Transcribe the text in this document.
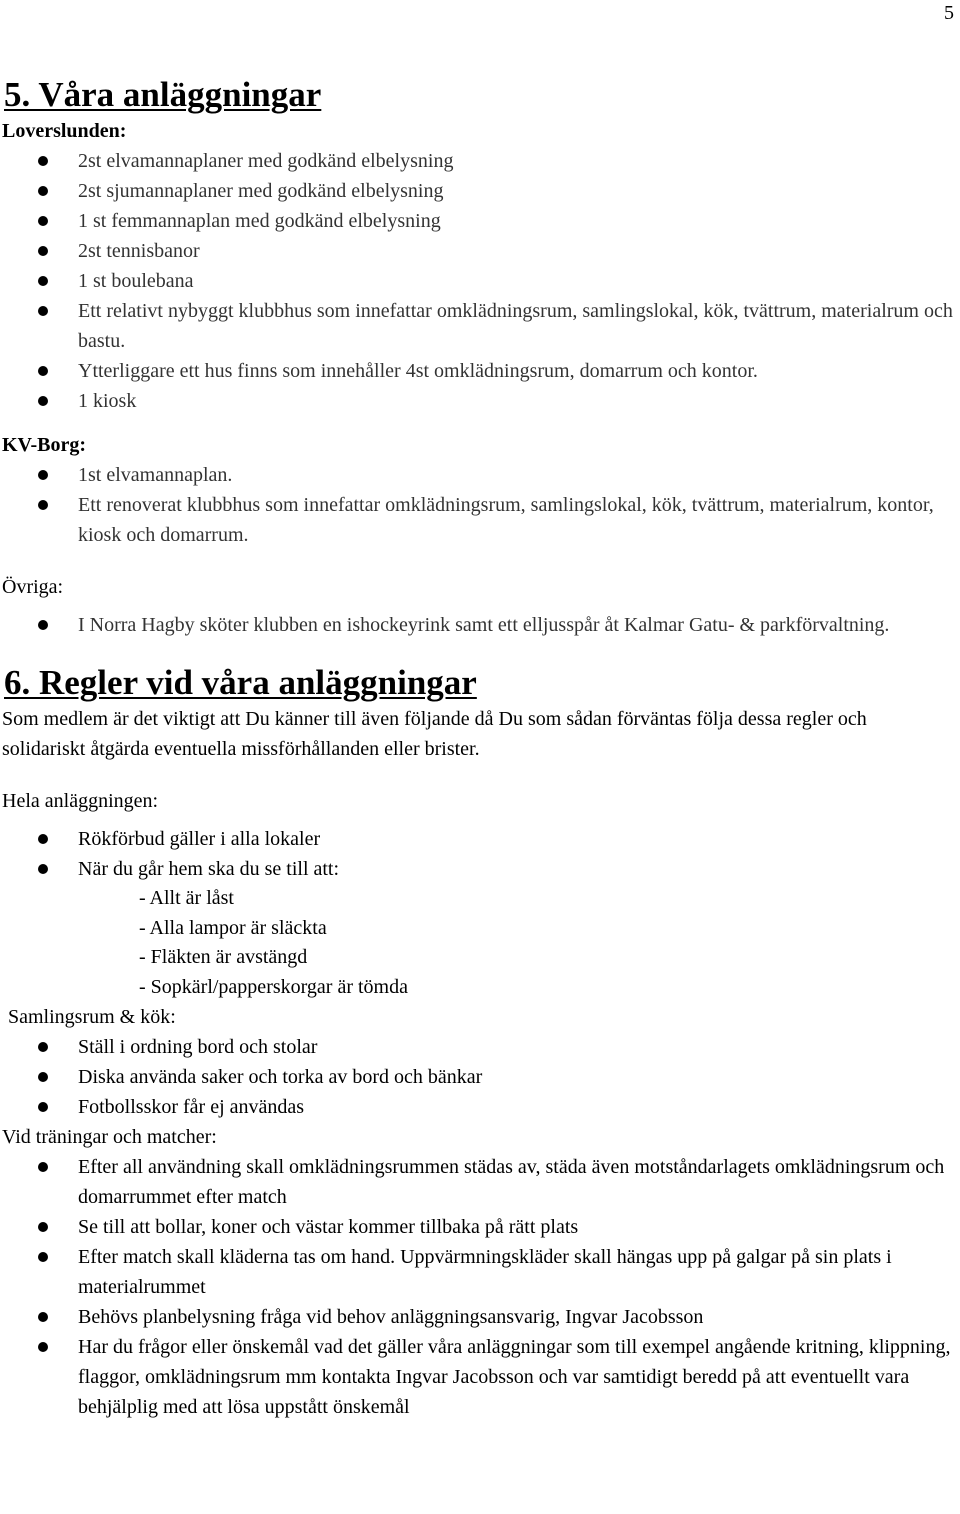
5
5. Våra anläggningar

Loverslunden:

2st elvamannaplaner med godkänd elbelysning
2st sjumannaplaner med godkänd elbelysning
1 st femmannaplan med godkänd elbelysning
2st tennisbanor
1 st boulebana
Ett relativt nybyggt klubbhus som innefattar omklädningsrum, samlingslokal, kök, tvättrum, materialrum och bastu.
Ytterliggare ett hus finns som innehåller 4st omklädningsrum, domarrum och kontor.
1 kiosk

KV-Borg:

1st elvamannaplan.
Ett renoverat klubbhus som innefattar omklädningsrum, samlingslokal, kök, tvättrum, materialrum, kontor, kiosk och domarrum.

Övriga:

I Norra Hagby sköter klubben en ishockeyrink samt ett elljusspår åt Kalmar Gatu- & parkförvaltning.
6. Regler vid våra anläggningar

Som medlem är det viktigt att Du känner till även följande då Du som sådan förväntas följa dessa regler och solidariskt åtgärda eventuella missförhållanden eller brister.

Hela anläggningen:

Rökförbud gäller i alla lokaler
När du går hem ska du se till att:
- Allt är låst
- Alla lampor är släckta
- Fläkten är avstängd
- Sopkärl/papperskorgar är tömda

Samlingsrum & kök:

Ställ i ordning bord och stolar
Diska använda saker och torka av bord och bänkar
Fotbollsskor får ej användas

Vid träningar och matcher:

Efter all användning skall omklädningsrummen städas av, städa även motståndarlagets omklädningsrum och domarrummet efter match
Se till att bollar, koner och västar kommer tillbaka på rätt plats
Efter match skall kläderna tas om hand. Uppvärmningskläder skall hängas upp på galgar på sin plats i materialrummet
Behövs planbelysning fråga vid behov anläggningsansvarig, Ingvar Jacobsson
Har du frågor eller önskemål vad det gäller våra anläggningar som till exempel angående kritning, klippning, flaggor, omklädningsrum mm kontakta Ingvar Jacobsson och var samtidigt beredd på att eventuellt vara behjälplig med att lösa uppstått önskemål
